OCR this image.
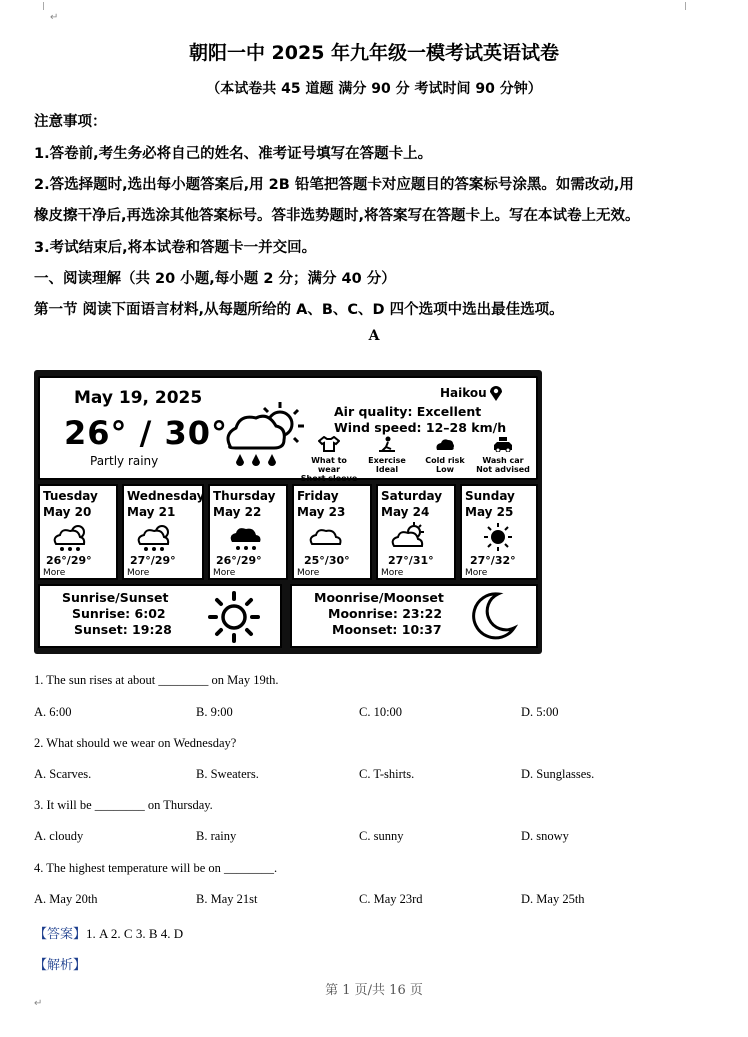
↵
朝阳一中 2025 年九年级一模考试英语试卷
（本试卷共 45 道题 满分 90 分 考试时间 90 分钟）
注意事项：
1.答卷前,考生务必将自己的姓名、准考证号填写在答题卡上。
2.答选择题时,选出每小题答案后,用 2B 铅笔把答题卡对应题目的答案标号涂黑。如需改动,用
橡皮擦干净后,再选涂其他答案标号。答非选势题时,将答案写在答题卡上。写在本试卷上无效。
3.考试结束后,将本试卷和答题卡一并交回。
一、阅读理解（共 20 小题,每小题 2 分；满分 40 分）
第一节 阅读下面语言材料,从每题所给的 A、B、C、D 四个选项中选出最佳选项。
A
May 19, 2025
26° / 30°
Partly rainy
Haikou
Air quality: Excellent
Wind speed: 12–28 km/h
What to wear
Short sleeve
Exercise
Ideal
Cold risk
Low
Wash car
Not advised
Tuesday
May 20
26°/29°
More
Wednesday
May 21
27°/29°
More
Thursday
May 22
26°/29°
More
Friday
May 23
25°/30°
More
Saturday
May 24
27°/31°
More
Sunday
May 25
27°/32°
More
Sunrise/Sunset
Sunrise: 6:02
Sunset: 19:28
Moonrise/Moonset
Moonrise: 23:22
Moonset: 10:37
1. The sun rises at about ________ on May 19th.
A. 6:00	B. 9:00	C. 10:00	D. 5:00
2. What should we wear on Wednesday?
A. Scarves.	B. Sweaters.	C. T-shirts.	D. Sunglasses.
3. It will be ________ on Thursday.
A. cloudy	B. rainy	C. sunny	D. snowy
4. The highest temperature will be on ________.
A. May 20th	B. May 21st	C. May 23rd	D. May 25th
【答案】1. A 2. C 3. B 4. D
【解析】
第 1 页/共 16 页
↵
